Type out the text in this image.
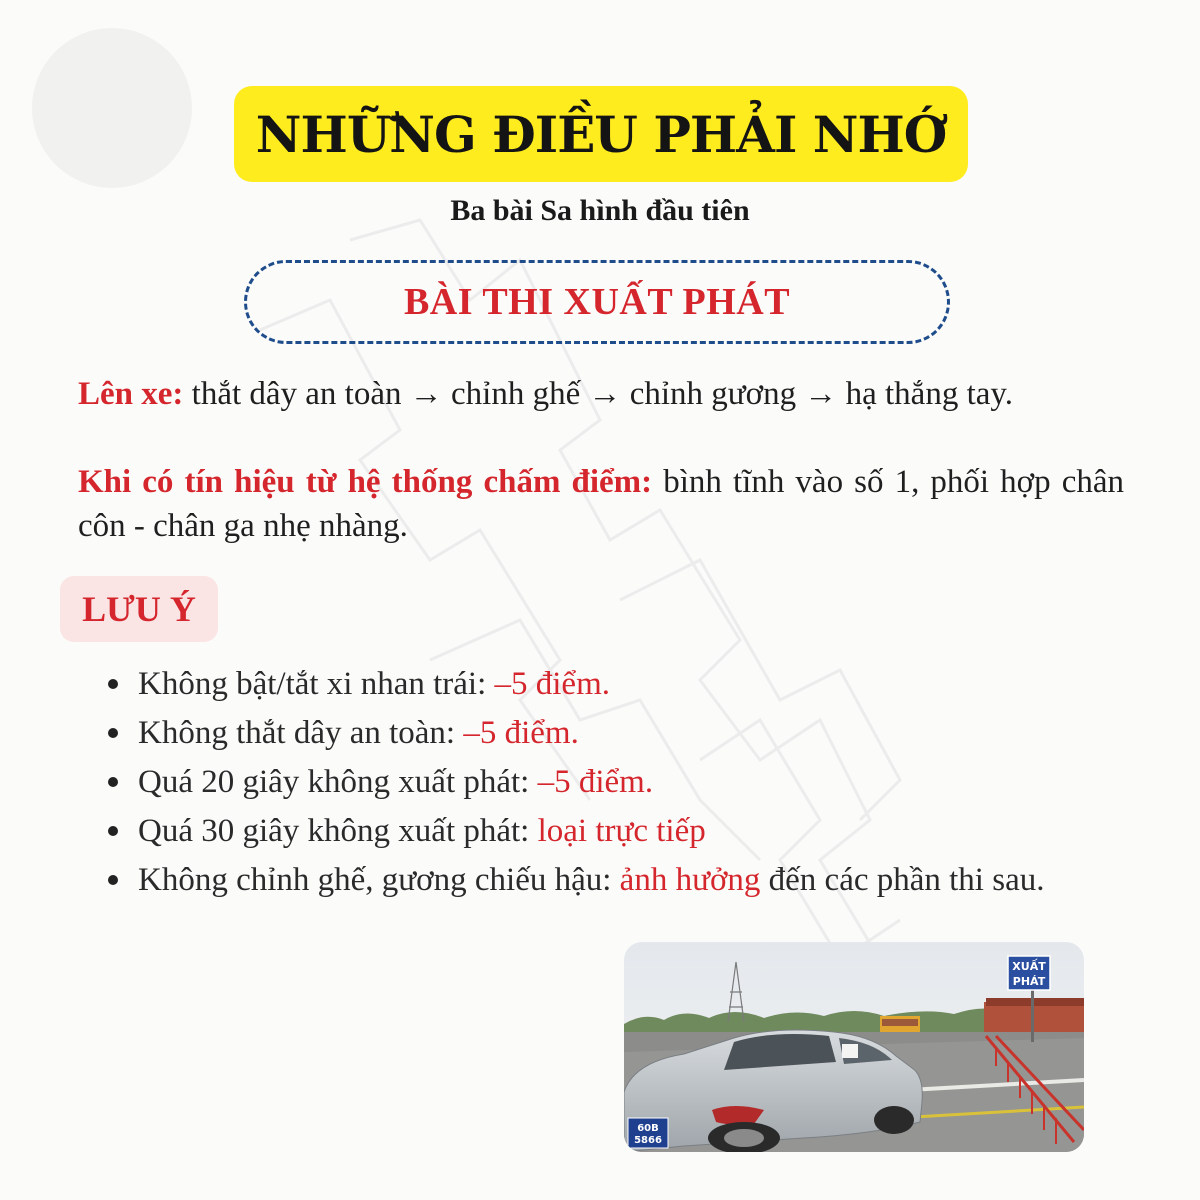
NHỮNG ĐIỀU PHẢI NHỚ
Ba bài Sa hình đầu tiên
BÀI THI XUẤT PHÁT
Lên xe: thắt dây an toàn → chỉnh ghế → chỉnh gương → hạ thắng tay.
Khi có tín hiệu từ hệ thống chấm điểm: bình tĩnh vào số 1, phối hợp chân côn - chân ga nhẹ nhàng.
LƯU Ý
Không bật/tắt xi nhan trái: –5 điểm.
Không thắt dây an toàn: –5 điểm.
Quá 20 giây không xuất phát: –5 điểm.
Quá 30 giây không xuất phát: loại trực tiếp
Không chỉnh ghế, gương chiếu hậu: ảnh hưởng đến các phần thi sau.
XUẤT
PHÁT
60B
5866
